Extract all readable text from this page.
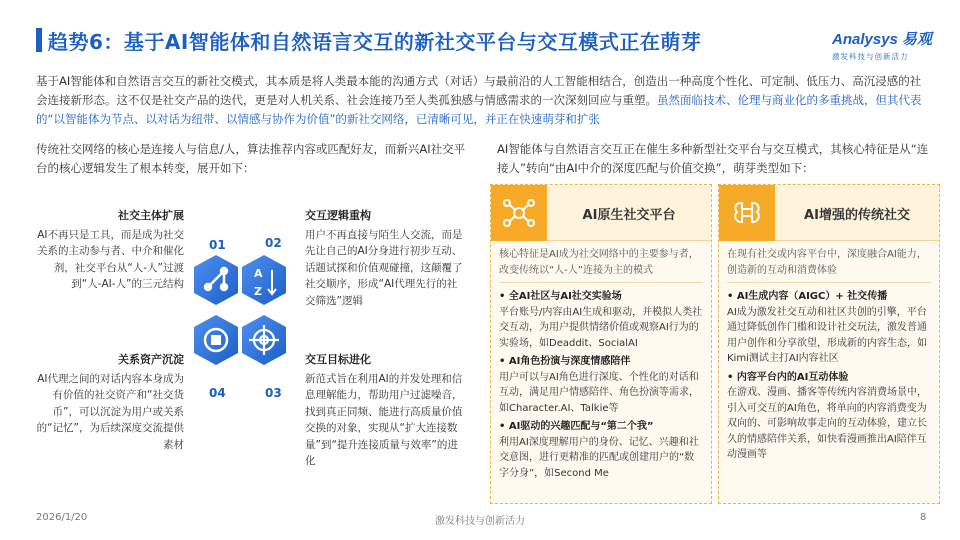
趋势6：基于AI智能体和自然语言交互的新社交平台与交互模式正在萌芽	Analysys 易观
激发科技与创新活力
基于AI智能体和自然语言交互的新社交模式，其本质是将人类最本能的沟通方式（对话）与最前沿的人工智能相结合，创造出一种高度个性化、可定制、低压力、高沉浸感的社会连接新形态。这不仅是社交产品的迭代，更是对人机关系、社会连接乃至人类孤独感与情感需求的一次深刻回应与重塑。虽然面临技术、伦理与商业化的多重挑战，但其代表的“以智能体为节点、以对话为纽带、以情感与协作为价值”的新社交网络，已清晰可见，并正在快速萌芽和扩张
传统社交网络的核心是连接人与信息/人，算法推荐内容或匹配好友，而新兴AI社交平台的核心逻辑发生了根本转变，展开如下：
AI智能体与自然语言交互正在催生多种新型社交平台与交互模式，其核心特征是从“连接人”转向“由AI中介的深度匹配与价值交换”，萌芽类型如下：
社交主体扩展
AI不再只是工具，而是成为社交关系的主动参与者、中介和催化剂，社交平台从“人-人”过渡到“人-AI-人”的三元结构
交互逻辑重构
用户不再直接与陌生人交流，而是先让自己的AI分身进行初步互动、话题试探和价值观碰撞，这颠覆了社交顺序，形成“AI代理先行的社交筛选”逻辑
关系资产沉淀
AI代理之间的对话内容本身成为有价值的社交资产和“社交货币”，可以沉淀为用户或关系的“记忆”，为后续深度交流提供素材
交互目标进化
新范式旨在利用AI的并发处理和信息理解能力，帮助用户过滤噪音，找到真正同频、能进行高质量价值交换的对象，实现从“扩大连接数量”到“提升连接质量与效率”的进化
A
Z
01	02
04	03
AI原生社交平台
核心特征是AI成为社交网络中的主要参与者，改变传统以“人-人”连接为主的模式
• 全AI社区与AI社交实验场
平台账号/内容由AI生成和驱动，并模拟人类社交互动，为用户提供情绪价值或观察AI行为的实验场，如Deaddit、SocialAI
• AI角色扮演与深度情感陪伴
用户可以与AI角色进行深度、个性化的对话和互动，满足用户情感陪伴、角色扮演等需求，如Character.AI、Talkie等
• AI驱动的兴趣匹配与“第二个我”
利用AI深度理解用户的身份、记忆、兴趣和社交意图，进行更精准的匹配或创建用户的“数字分身”，如Second Me
AI增强的传统社交
在现有社交或内容平台中，深度融合AI能力，创造新的互动和消费体验
• AI生成内容（AIGC）+ 社交传播
AI成为激发社交互动和社区共创的引擎，平台通过降低创作门槛和设计社交玩法，激发普通用户创作和分享欲望，形成新的内容生态，如Kimi测试主打AI内容社区
• 内容平台内的AI互动体验
在游戏、漫画、播客等传统内容消费场景中，引入可交互的AI角色，将单向的内容消费变为双向的、可影响故事走向的互动体验，建立长久的情感陪伴关系，如快看漫画推出AI陪伴互动漫画等
2026/1/20	激发科技与创新活力	8
